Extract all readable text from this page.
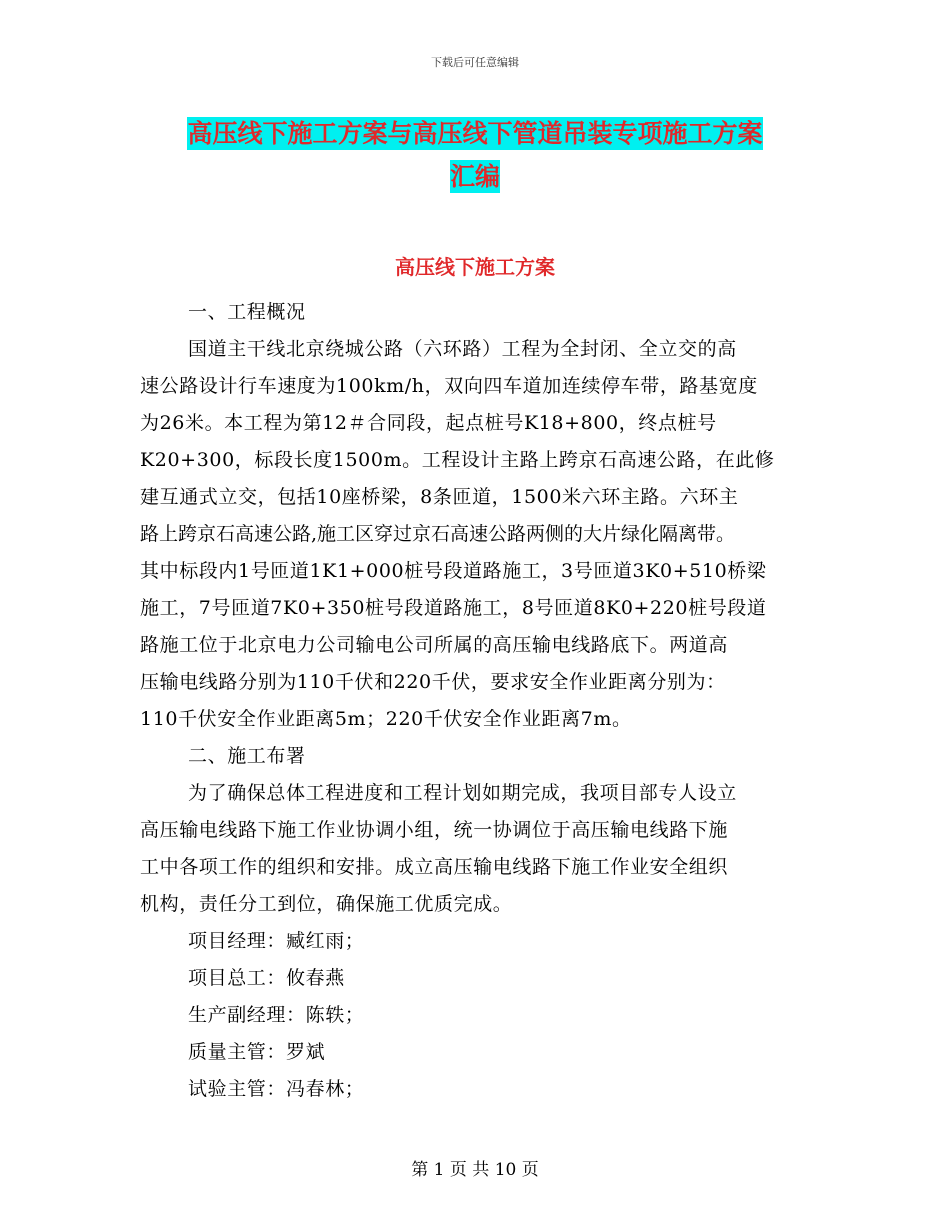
下载后可任意编辑
高压线下施工方案与高压线下管道吊装专项施工方案
汇编
高压线下施工方案
一、工程概况
国道主干线北京绕城公路（六环路）工程为全封闭、全立交的高
速公路设计行车速度为100km/h，双向四车道加连续停车带，路基宽度
为26米。本工程为第12＃合同段，起点桩号K18+800，终点桩号
K20+300，标段长度1500m。工程设计主路上跨京石高速公路，在此修
建互通式立交，包括10座桥梁，8条匝道，1500米六环主路。六环主
路上跨京石高速公路,施工区穿过京石高速公路两侧的大片绿化隔离带。
其中标段内1号匝道1K1+000桩号段道路施工，3号匝道3K0+510桥梁
施工，7号匝道7K0+350桩号段道路施工，8号匝道8K0+220桩号段道
路施工位于北京电力公司输电公司所属的高压输电线路底下。两道高
压输电线路分别为110千伏和220千伏，要求安全作业距离分别为：
110千伏安全作业距离5m；220千伏安全作业距离7m。
二、施工布署
为了确保总体工程进度和工程计划如期完成，我项目部专人设立
高压输电线路下施工作业协调小组，统一协调位于高压输电线路下施
工中各项工作的组织和安排。成立高压输电线路下施工作业安全组织
机构，责任分工到位，确保施工优质完成。
项目经理：臧红雨；
项目总工：攸春燕
生产副经理：陈轶；
质量主管：罗斌
试验主管：冯春林；
第 1 页 共 10 页
